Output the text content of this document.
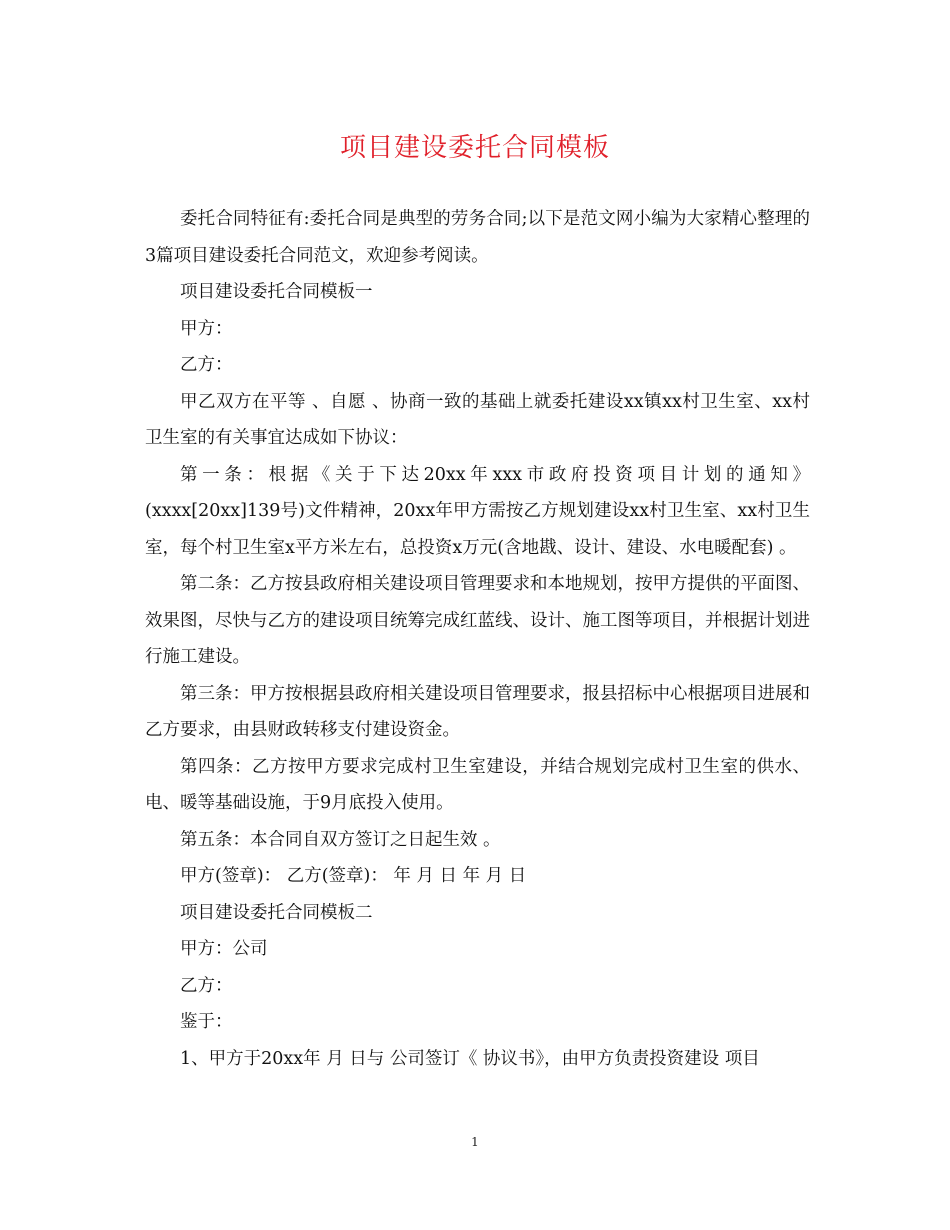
项目建设委托合同模板

委托合同特征有:委托合同是典型的劳务合同;以下是范文网小编为大家精心整理的3篇项目建设委托合同范文，欢迎参考阅读。

项目建设委托合同模板一

甲方：

乙方：

甲乙双方在平等 、自愿 、协商一致的基础上就委托建设xx镇xx村卫生室、xx村卫生室的有关事宜达成如下协议：

第一条：根据《关于下达20xx年xxx市政府投资项目计划的通知》(xxxx[20xx]139号)文件精神，20xx年甲方需按乙方规划建设xx村卫生室、xx村卫生室，每个村卫生室x平方米左右，总投资x万元(含地戡、设计、建设、水电暖配套) 。

第二条：乙方按县政府相关建设项目管理要求和本地规划，按甲方提供的平面图、效果图，尽快与乙方的建设项目统筹完成红蓝线、设计、施工图等项目，并根据计划进行施工建设。

第三条：甲方按根据县政府相关建设项目管理要求，报县招标中心根据项目进展和乙方要求，由县财政转移支付建设资金。

第四条：乙方按甲方要求完成村卫生室建设，并结合规划完成村卫生室的供水、电、暖等基础设施，于9月底投入使用。

第五条：本合同自双方签订之日起生效 。

甲方(签章)： 乙方(签章)： 年 月 日 年 月 日

项目建设委托合同模板二

甲方：公司

乙方：

鉴于：

1、甲方于20xx年 月 日与 公司签订《 协议书》，由甲方负责投资建设 项目

1
